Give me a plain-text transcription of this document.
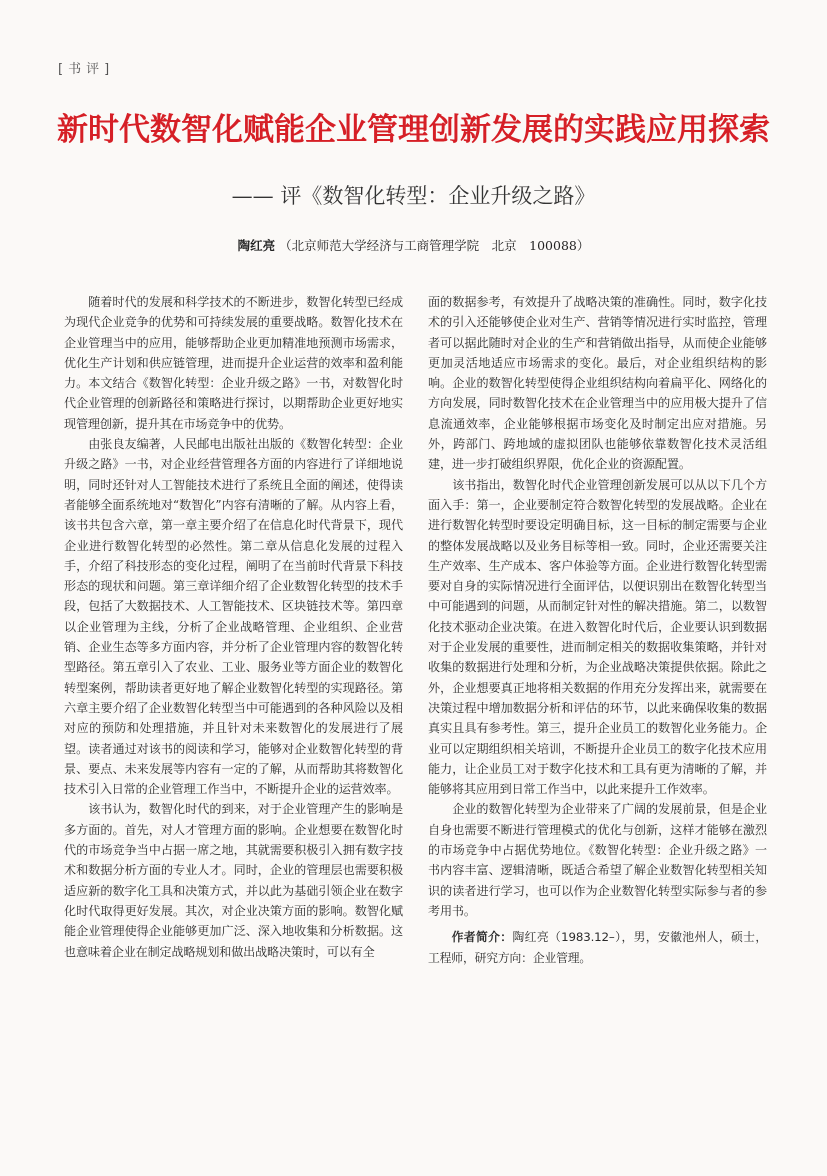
[书评]
新时代数智化赋能企业管理创新发展的实践应用探索
—— 评《数智化转型：企业升级之路》
陶红亮 （北京师范大学经济与工商管理学院　北京　100088）

随着时代的发展和科学技术的不断进步，数智化转型已经成为现代企业竞争的优势和可持续发展的重要战略。数智化技术在企业管理当中的应用，能够帮助企业更加精准地预测市场需求，优化生产计划和供应链管理，进而提升企业运营的效率和盈利能力。本文结合《数智化转型：企业升级之路》一书，对数智化时代企业管理的创新路径和策略进行探讨，以期帮助企业更好地实现管理创新，提升其在市场竞争中的优势。

由张良友编著，人民邮电出版社出版的《数智化转型：企业升级之路》一书，对企业经营管理各方面的内容进行了详细地说明，同时还针对人工智能技术进行了系统且全面的阐述，使得读者能够全面系统地对“数智化”内容有清晰的了解。从内容上看，该书共包含六章，第一章主要介绍了在信息化时代背景下，现代企业进行数智化转型的必然性。第二章从信息化发展的过程入手，介绍了科技形态的变化过程，阐明了在当前时代背景下科技形态的现状和问题。第三章详细介绍了企业数智化转型的技术手段，包括了大数据技术、人工智能技术、区块链技术等。第四章以企业管理为主线，分析了企业战略管理、企业组织、企业营销、企业生态等多方面内容，并分析了企业管理内容的数智化转型路径。第五章引入了农业、工业、服务业等方面企业的数智化转型案例，帮助读者更好地了解企业数智化转型的实现路径。第六章主要介绍了企业数智化转型当中可能遇到的各种风险以及相对应的预防和处理措施，并且针对未来数智化的发展进行了展望。读者通过对该书的阅读和学习，能够对企业数智化转型的背景、要点、未来发展等内容有一定的了解，从而帮助其将数智化技术引入日常的企业管理工作当中，不断提升企业的运营效率。

该书认为，数智化时代的到来，对于企业管理产生的影响是多方面的。首先，对人才管理方面的影响。企业想要在数智化时代的市场竞争当中占据一席之地，其就需要积极引入拥有数字技术和数据分析方面的专业人才。同时，企业的管理层也需要积极适应新的数字化工具和决策方式，并以此为基础引领企业在数字化时代取得更好发展。其次，对企业决策方面的影响。数智化赋能企业管理使得企业能够更加广泛、深入地收集和分析数据。这也意味着企业在制定战略规划和做出战略决策时，可以有全

面的数据参考，有效提升了战略决策的准确性。同时，数字化技术的引入还能够使企业对生产、营销等情况进行实时监控，管理者可以据此随时对企业的生产和营销做出指导，从而使企业能够更加灵活地适应市场需求的变化。最后，对企业组织结构的影响。企业的数智化转型使得企业组织结构向着扁平化、网络化的方向发展，同时数智化技术在企业管理当中的应用极大提升了信息流通效率，企业能够根据市场变化及时制定出应对措施。另外，跨部门、跨地域的虚拟团队也能够依靠数智化技术灵活组建，进一步打破组织界限，优化企业的资源配置。

该书指出，数智化时代企业管理创新发展可以从以下几个方面入手：第一，企业要制定符合数智化转型的发展战略。企业在进行数智化转型时要设定明确目标，这一目标的制定需要与企业的整体发展战略以及业务目标等相一致。同时，企业还需要关注生产效率、生产成本、客户体验等方面。企业进行数智化转型需要对自身的实际情况进行全面评估，以便识别出在数智化转型当中可能遇到的问题，从而制定针对性的解决措施。第二，以数智化技术驱动企业决策。在进入数智化时代后，企业要认识到数据对于企业发展的重要性，进而制定相关的数据收集策略，并针对收集的数据进行处理和分析，为企业战略决策提供依据。除此之外，企业想要真正地将相关数据的作用充分发挥出来，就需要在决策过程中增加数据分析和评估的环节，以此来确保收集的数据真实且具有参考性。第三，提升企业员工的数智化业务能力。企业可以定期组织相关培训，不断提升企业员工的数字化技术应用能力，让企业员工对于数字化技术和工具有更为清晰的了解，并能够将其应用到日常工作当中，以此来提升工作效率。

企业的数智化转型为企业带来了广阔的发展前景，但是企业自身也需要不断进行管理模式的优化与创新，这样才能够在激烈的市场竞争中占据优势地位。《数智化转型：企业升级之路》一书内容丰富、逻辑清晰，既适合希望了解企业数智化转型相关知识的读者进行学习，也可以作为企业数智化转型实际参与者的参考用书。

作者简介：陶红亮（1983.12–），男，安徽池州人，硕士，工程师，研究方向：企业管理。
